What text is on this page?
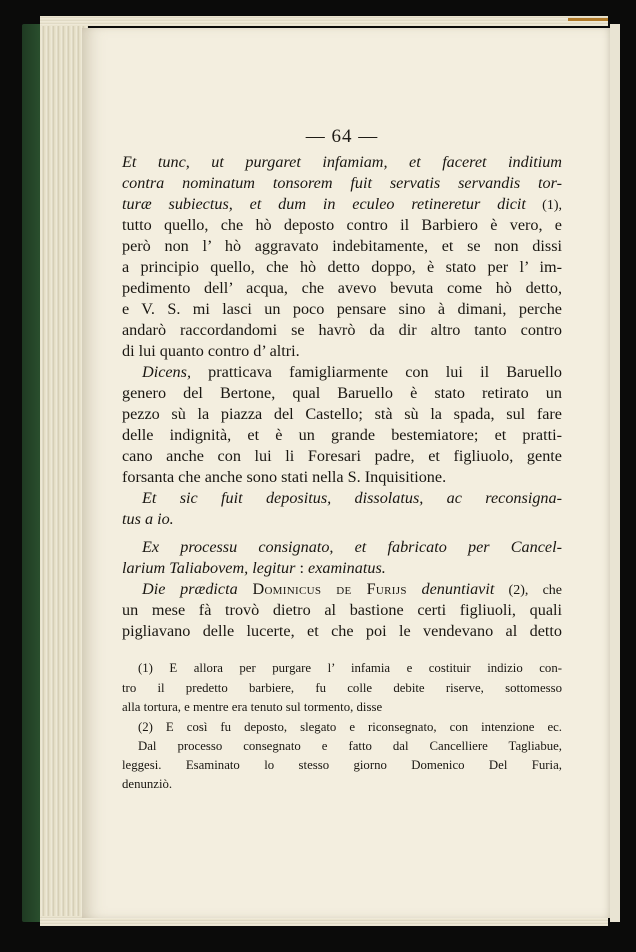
— 64 —
Et tunc, ut purgaret infamiam, et faceret inditium
contra nominatum tonsorem fuit servatis servandis tor-
turæ subiectus, et dum in eculeo retineretur dicit (1),
tutto quello, che hò deposto contro il Barbiero è vero, e
però non l’ hò aggravato indebitamente, et se non dissi
a principio quello, che hò detto doppo, è stato per l’ im-
pedimento dell’ acqua, che avevo bevuta come hò detto,
e V. S. mi lasci un poco pensare sino à dimani, perche
andarò raccordandomi se havrò da dir altro tanto contro
di lui quanto contro d’ altri.
Dicens, pratticava famigliarmente con lui il Baruello
genero del Bertone, qual Baruello è stato retirato un
pezzo sù la piazza del Castello; stà sù la spada, sul fare
delle indignità, et è un grande bestemiatore; et pratti-
cano anche con lui li Foresari padre, et figliuolo, gente
forsanta che anche sono stati nella S. Inquisitione.
Et sic fuit depositus, dissolatus, ac reconsigna-
tus a io.
Ex processu consignato, et fabricato per Cancel-
larium Taliabovem, legitur : examinatus.
Die prædicta Dominicus de Furijs denuntiavit (2), che
un mese fà trovò dietro al bastione certi figliuoli, quali
pigliavano delle lucerte, et che poi le vendevano al detto
(1) E allora per purgare l’ infamia e costituir indizio con-
tro il predetto barbiere, fu colle debite riserve, sottomesso
alla tortura, e mentre era tenuto sul tormento, disse
(2) E così fu deposto, slegato e riconsegnato, con intenzione ec.
Dal processo consegnato e fatto dal Cancelliere Tagliabue,
leggesi. Esaminato lo stesso giorno Domenico Del Furia,
denunziò.
